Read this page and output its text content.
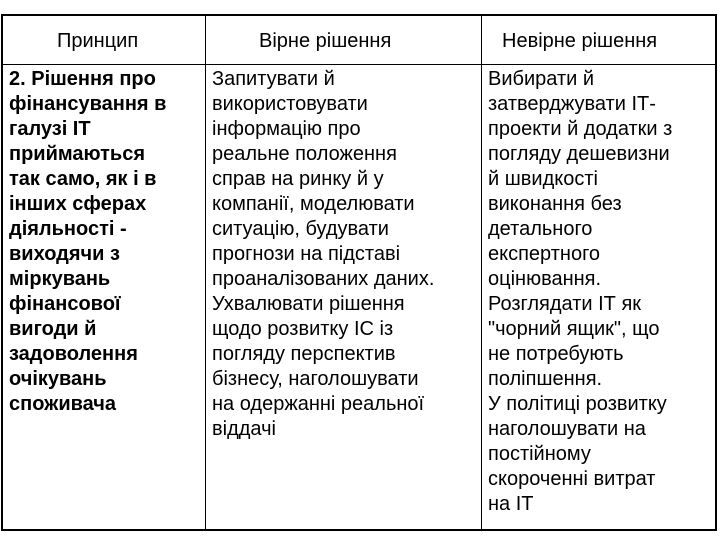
Принцип	Вірне рішення	Невірне рішення
2. Рішення про
фінансування в
галузі ІТ
приймаються
так само, як і в
інших сферах
діяльності -
виходячи з
міркувань
фінансової
вигоди й
задоволення
очікувань
споживача
Запитувати й
використовувати
інформацію про
реальне положення
справ на ринку й у
компанії, моделювати
ситуацію, будувати
прогнози на підставі
проаналізованих даних.
Ухвалювати рішення
щодо розвитку ІС із
погляду перспектив
бізнесу, наголошувати
на одержанні реальної
віддачі
Вибирати й
затверджувати ІТ-
проекти й додатки з
погляду дешевизни
й швидкості
виконання без
детального
експертного
оцінювання.
Розглядати ІТ як
"чорний ящик", що
не потребують
поліпшення.
У політиці розвитку
наголошувати на
постійному
скороченні витрат
на ІТ
